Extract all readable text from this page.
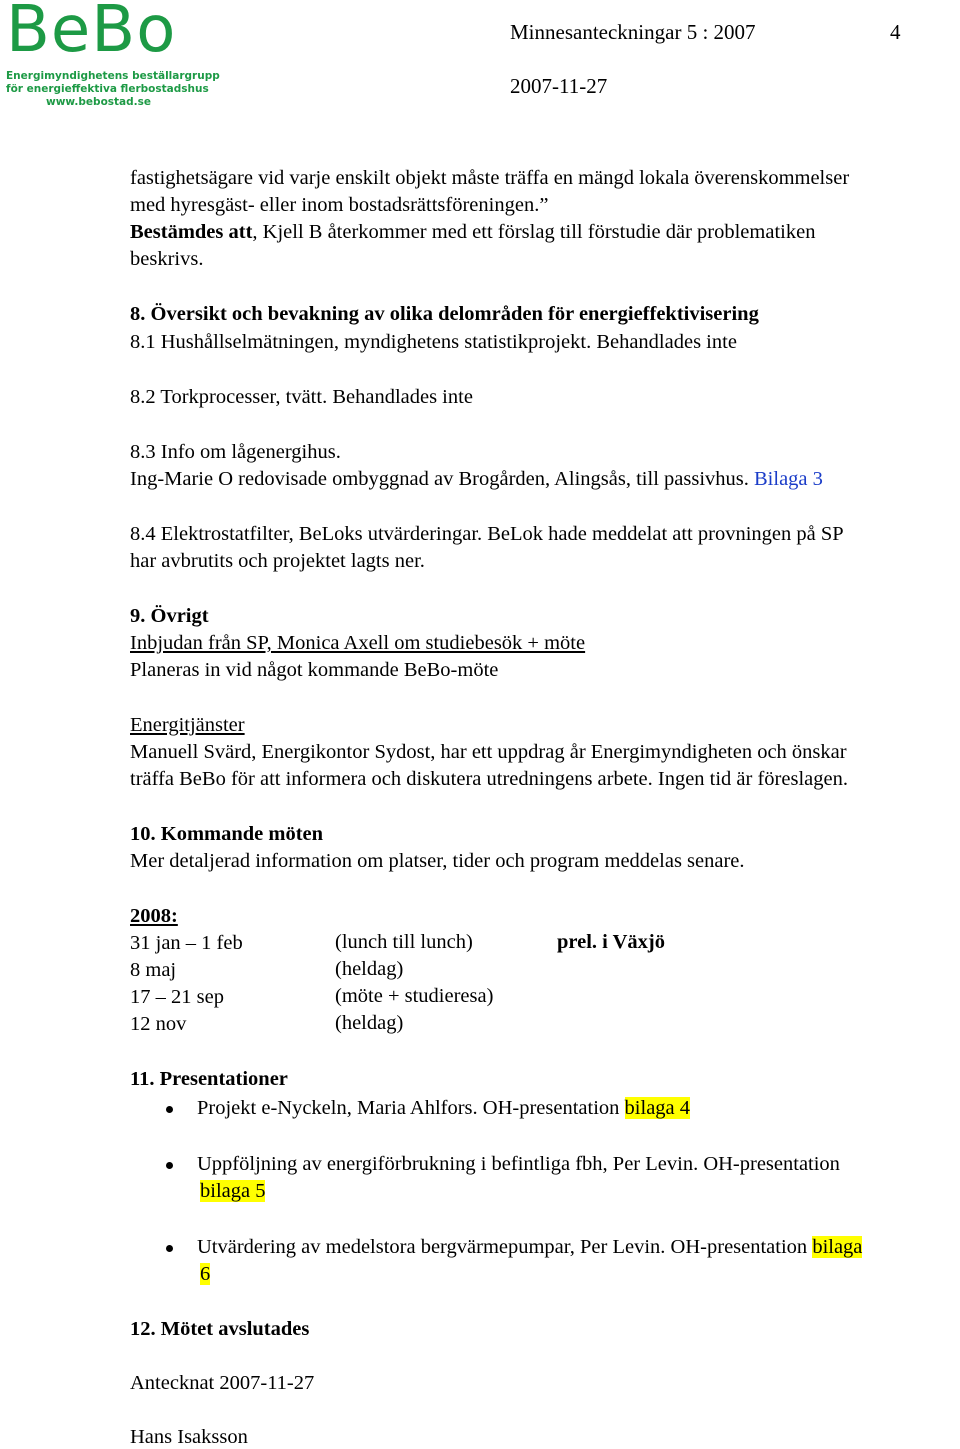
BeBo
Energimyndighetens beställargrupp
för energieffektiva flerbostadshus
www.bebostad.se
Minnesanteckningar 5 : 2007	4
2007-11-27
fastighetsägare vid varje enskilt objekt måste träffa en mängd lokala överenskommelser
med hyresgäst- eller inom bostadsrättsföreningen.”
Bestämdes att, Kjell B återkommer med ett förslag till förstudie där problematiken
beskrivs.
8. Översikt och bevakning av olika delområden för energieffektivisering
8.1 Hushållselmätningen, myndighetens statistikprojekt. Behandlades inte
8.2 Torkprocesser, tvätt. Behandlades inte
8.3 Info om lågenergihus.
Ing-Marie O redovisade ombyggnad av Brogården, Alingsås, till passivhus. Bilaga 3
8.4 Elektrostatfilter, BeLoks utvärderingar. BeLok hade meddelat att provningen på SP
har avbrutits och projektet lagts ner.
9. Övrigt
Inbjudan från SP, Monica Axell om studiebesök + möte
Planeras in vid något kommande BeBo-möte
Energitjänster
Manuell Svärd, Energikontor Sydost, har ett uppdrag år Energimyndigheten och önskar
träffa BeBo för att informera och diskutera utredningens arbete. Ingen tid är föreslagen.
10. Kommande möten
Mer detaljerad information om platser, tider och program meddelas senare.
2008:
31 jan – 1 feb	(lunch till lunch)	prel. i Växjö
8 maj	(heldag)
17 – 21 sep	(möte + studieresa)
12 nov	(heldag)
11. Presentationer
Projekt e-Nyckeln, Maria Ahlfors. OH-presentation bilaga 4
Uppföljning av energiförbrukning i befintliga fbh, Per Levin. OH-presentation
bilaga 5
Utvärdering av medelstora bergvärmepumpar, Per Levin. OH-presentation bilaga
6
12. Mötet avslutades
Antecknat 2007-11-27
Hans Isaksson
